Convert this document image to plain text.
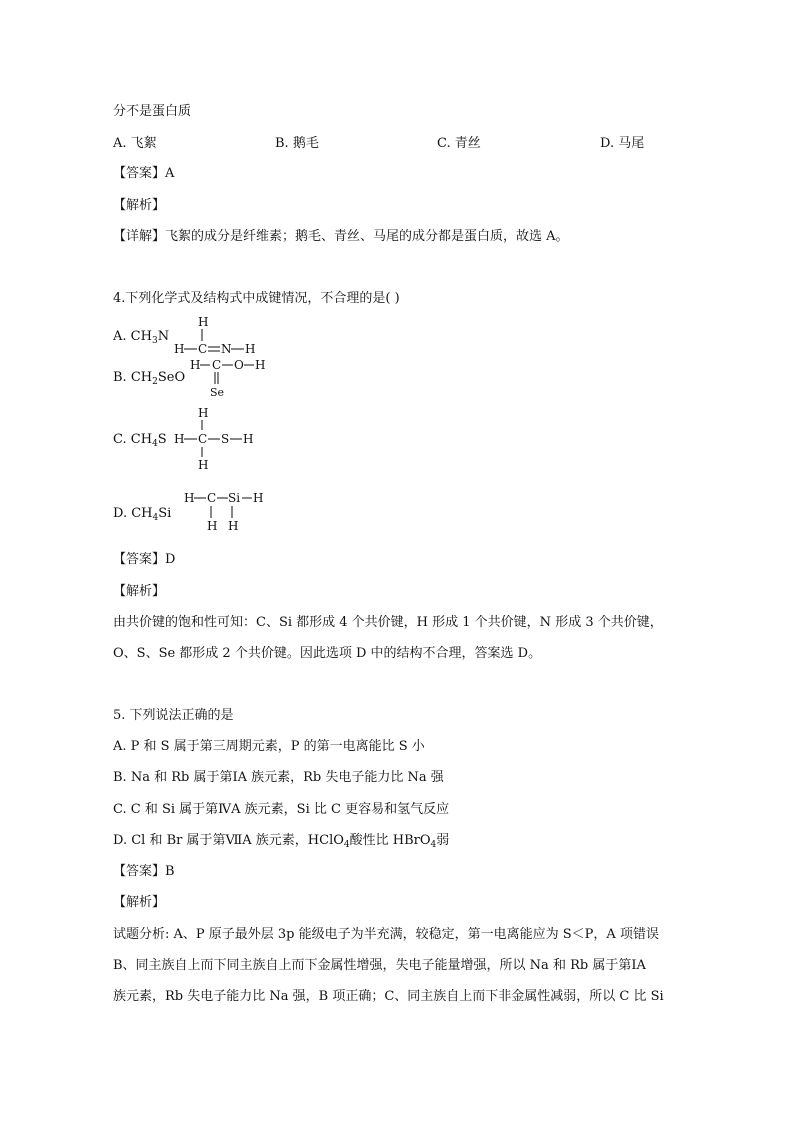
分不是蛋白质
A. 飞絮	B. 鹅毛	C. 青丝	D. 马尾
【答案】A
【解析】
【详解】飞絮的成分是纤维素；鹅毛、青丝、马尾的成分都是蛋白质，故选 A。
4.下列化学式及结构式中成键情况，不合理的是( )
A. $CH_3N$
B. $CH_2SeO$
C. $CH_4S$
D. $CH_4Si$
H
H C N H
H C O H
Se
H
H C S H
H
H C Si H
H H
【答案】D
【解析】
由共价键的饱和性可知：C、Si 都形成 4 个共价键，H 形成 1 个共价键，N 形成 3 个共价键，
O、S、Se 都形成 2 个共价键。因此选项 D 中的结构不合理，答案选 D。
5. 下列说法正确的是
A. P 和 S 属于第三周期元素，P 的第一电离能比 S 小
B. Na 和 Rb 属于第ⅠA 族元素，Rb 失电子能力比 Na 强
C. C 和 Si 属于第ⅣA 族元素，Si 比 C 更容易和氢气反应
D. Cl 和 Br 属于第ⅦA 族元素，HClO$_4$酸性比 HBrO$_4$弱
【答案】B
【解析】
试题分析: A、P 原子最外层 3p 能级电子为半充满，较稳定，第一电离能应为 S＜P，A 项错误
B、同主族自上而下同主族自上而下金属性增强，失电子能量增强，所以 Na 和 Rb 属于第ⅠA
族元素，Rb 失电子能力比 Na 强，B 项正确；C、同主族自上而下非金属性减弱，所以 C 比 Si
